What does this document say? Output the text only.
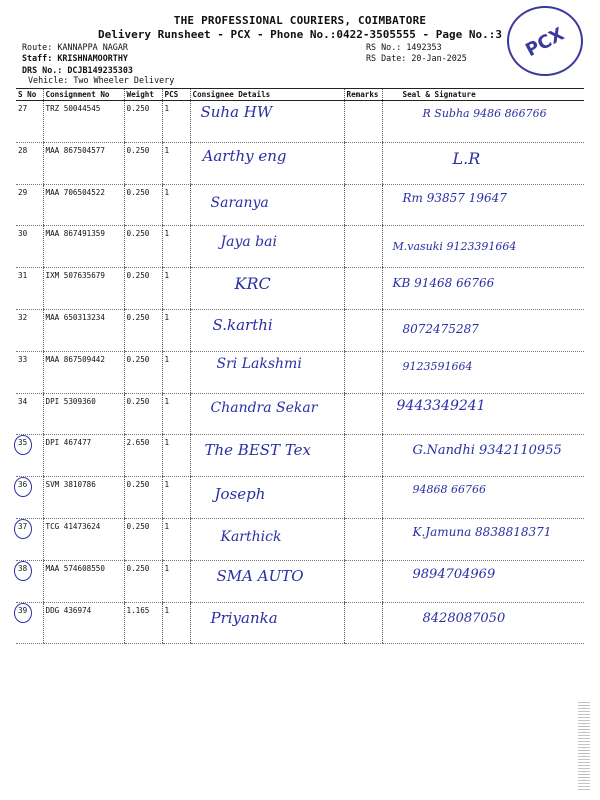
THE PROFESSIONAL COURIERS, COIMBATORE
Delivery Runsheet - PCX - Phone No.:0422-3505555 - Page No.:3
Route: KANNAPPA NAGAR
Staff: KRISHNAMOORTHY
DRS No.: DCJB149235303
Vehicle: Two Wheeler Delivery
RS No.: 1492353
RS Date: 20-Jan-2025	PCX
S No	Consignment No	Weight	PCS	Consignee Details	Remarks	Seal & Signature
27	TRZ 50044545	0.250	1	Suha HW		R Subha 9486 866766

28	MAA 867504577	0.250	1	Aarthy eng		L.R

29	MAA 706504522	0.250	1	Saranya		Rm 93857 19647

30	MAA 867491359	0.250	1	Jaya bai		M.vasuki 9123391664

31	IXM 507635679	0.250	1	KRC		KB 91468 66766

32	MAA 650313234	0.250	1	S.karthi		8072475287

33	MAA 867509442	0.250	1	Sri Lakshmi		9123591664

34	DPI 5309360	0.250	1	Chandra Sekar		9443349241

35	DPI 467477	2.650	1	The BEST Tex		G.Nandhi 9342110955

36	SVM 3810786	0.250	1	Joseph		94868 66766

37	TCG 41473624	0.250	1	Karthick		K.Jamuna 8838818371

38	MAA 574608550	0.250	1	SMA AUTO		9894704969

39	DDG 436974	1.165	1	Priyanka		8428087050
